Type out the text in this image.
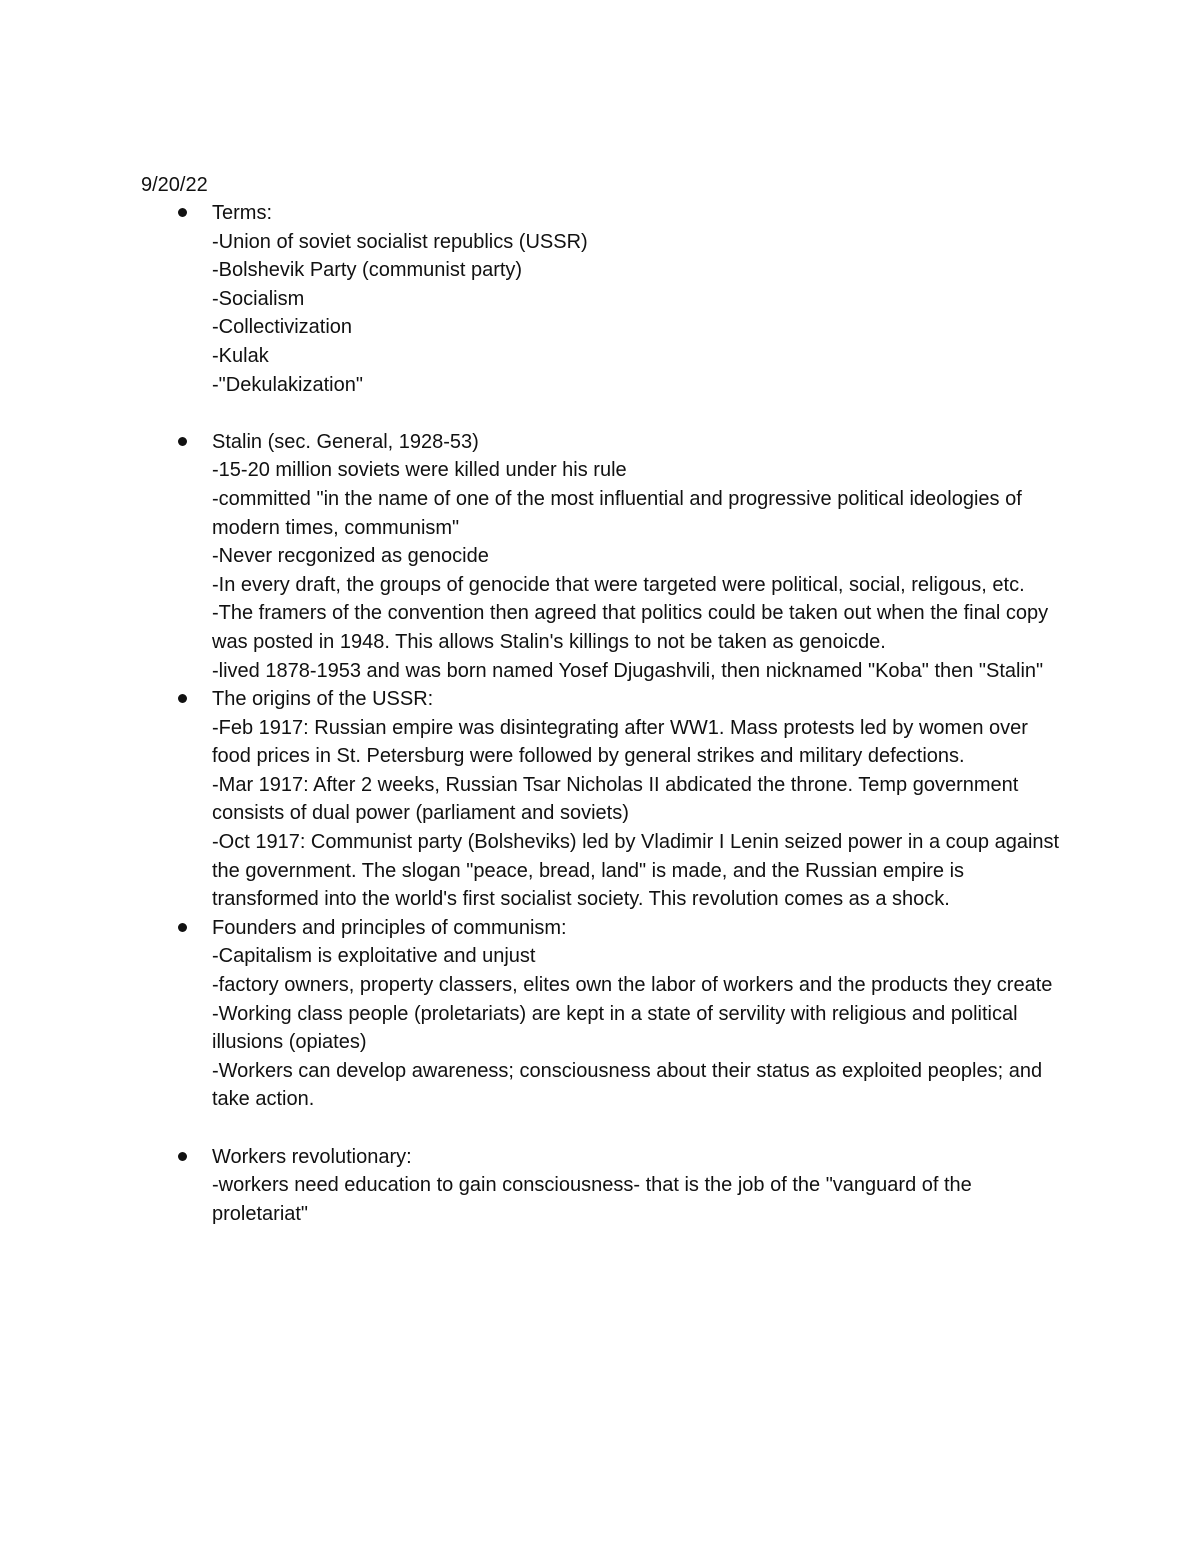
9/20/22
Terms:
-Union of soviet socialist republics (USSR)
-Bolshevik Party (communist party)
-Socialism
-Collectivization
-Kulak
-"Dekulakization"
Stalin (sec. General, 1928-53)
-15-20 million soviets were killed under his rule
-committed "in the name of one of the most influential and progressive political ideologies of modern times, communism"
-Never recgonized as genocide
-In every draft, the groups of genocide that were targeted were political, social, religous, etc.
-The framers of the convention then agreed that politics could be taken out when the final copy was posted in 1948. This allows Stalin's killings to not be taken as genoicde.
-lived 1878-1953 and was born named Yosef Djugashvili, then nicknamed "Koba" then "Stalin"
The origins of the USSR:
-Feb 1917: Russian empire was disintegrating after WW1. Mass protests led by women over food prices in St. Petersburg were followed by general strikes and military defections.
-Mar 1917: After 2 weeks, Russian Tsar Nicholas II abdicated the throne. Temp government consists of dual power (parliament and soviets)
-Oct 1917: Communist party (Bolsheviks) led by Vladimir I Lenin seized power in a coup against the government. The slogan "peace, bread, land" is made, and the Russian empire is transformed into the world's first socialist society. This revolution comes as a shock.
Founders and principles of communism:
-Capitalism is exploitative and unjust
-factory owners, property classers, elites own the labor of workers and the products they create
-Working class people (proletariats) are kept in a state of servility with religious and political illusions (opiates)
-Workers can develop awareness; consciousness about their status as exploited peoples; and take action.
Workers revolutionary:
-workers need education to gain consciousness- that is the job of the "vanguard of the proletariat"
